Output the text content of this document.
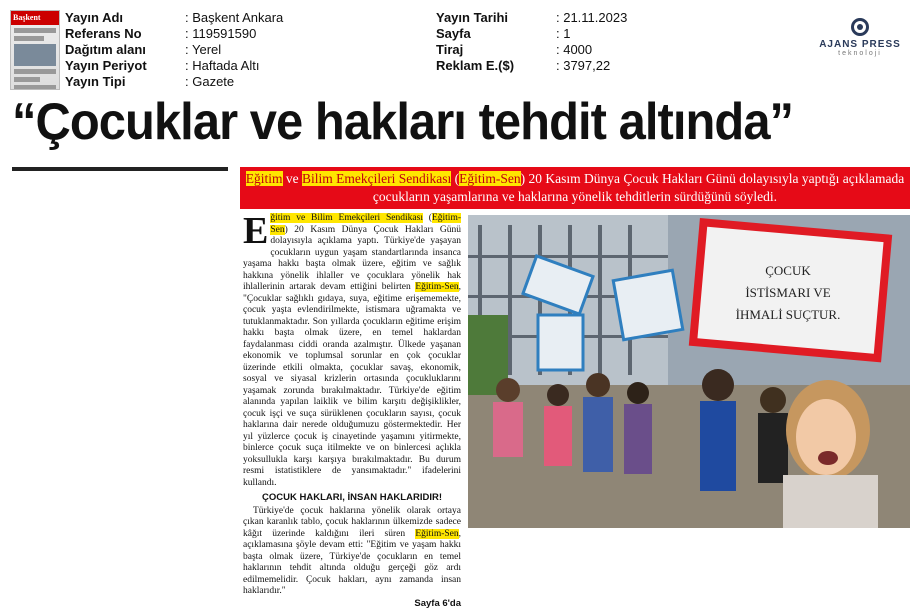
Başkent	Yayın Adı	: Başkent Ankara
Referans No	: 119591590
Dağıtım alanı	: Yerel
Yayın Periyot	: Haftada Altı
Yayın Tipi	: Gazete
Yayın Tarihi	: 21.11.2023
Sayfa	: 1
Tiraj	: 4000
Reklam E.($)	: 3797,22
AJANS PRESS
teknoloji
“Çocuklar ve hakları tehdit altında”
Eğitim ve Bilim Emekçileri Sendikası (Eğitim-Sen) 20 Kasım Dünya Çocuk Hakları Günü dolayısıyla yaptığı açıklamada çocukların yaşamlarına ve haklarına yönelik tehditlerin sürdüğünü söyledi.

Eğitim ve Bilim Emekçileri Sendikası (Eğitim-Sen) 20 Kasım Dünya Çocuk Hakları Günü dolayısıyla açıklama yaptı. Türkiye'de yaşayan çocukların uygun yaşam standartlarında insanca yaşama hakkı başta olmak üzere, eğitim ve sağlık hakkına yönelik ihlaller ve çocuklara yönelik hak ihlallerinin artarak devam ettiğini belirten Eğitim-Sen, "Çocuklar sağlıklı gıdaya, suya, eğitime erişememekte, çocuk yaşta evlendirilmekte, istismara uğramakta ve tutuklanmaktadır. Son yıllarda çocukların eğitime erişim hakkı başta olmak üzere, en temel haklardan faydalanması ciddi oranda azalmıştır. Ülkede yaşanan ekonomik ve toplumsal sorunlar en çok çocuklar üzerinde etkili olmakta, çocuklar savaş, ekonomik, sosyal ve siyasal krizlerin ortasında çocukluklarını yaşamak zorunda bırakılmaktadır. Türkiye'de eğitim alanında yapılan laiklik ve bilim karşıtı değişiklikler, çocuk işçi ve suça sürüklenen çocukların sayısı, çocuk haklarına dair nerede olduğumuzu göstermektedir. Her yıl yüzlerce çocuk iş cinayetinde yaşamını yitirmekte, binlerce çocuk suça itilmekte ve on binlercesi açlıkla yoksullukla karşı karşıya bırakılmaktadır. Bu durum resmi istatistiklere de yansımaktadır." ifadelerini kullandı.

ÇOCUK HAKLARI, İNSAN HAKLARIDIR!

Türkiye'de çocuk haklarına yönelik olarak ortaya çıkan karanlık tablo, çocuk haklarının ülkemizde sadece kâğıt üzerinde kaldığını ileri süren Eğitim-Sen, açıklamasına şöyle devam etti: "Eğitim ve yaşam hakkı başta olmak üzere, Türkiye'de çocukların en temel haklarının tehdit altında olduğu gerçeği göz ardı edilmemelidir. Çocuk hakları, aynı zamanda insan haklarıdır."

Sayfa 6'da
ÇOCUK
İSTİSMARI VE
İHMALİ SUÇTUR.
